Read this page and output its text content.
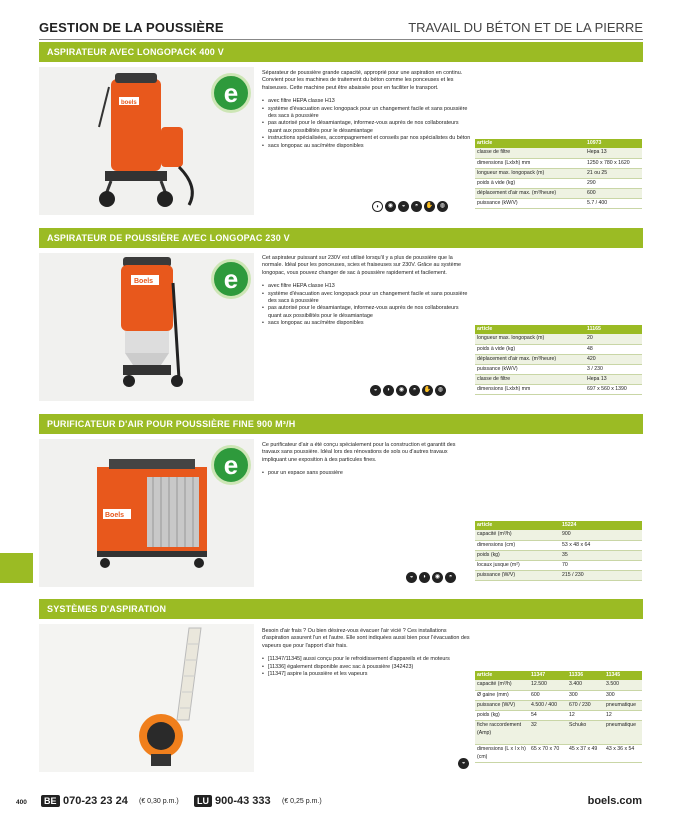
GESTION DE LA POUSSIÈRE	TRAVAIL DU BÉTON ET DE LA PIERRE
ASPIRATEUR AVEC LONGOPACK 400 V
boels	e

Séparateur de poussière grande capacité, approprié pour une aspiration en continu. Convient pour les machines de traitement du béton comme les ponceuses et les fraiseuses. Cette machine peut être abaissée pour en faciliter le transport.

• avec filtre HEPA classe H13
• système d'évacuation avec longopack pour un changement facile et sans poussière des sacs à poussière
• pas autorisé pour le désamiantage, informez-vous auprès de nos collaborateurs quant aux possibilités pour le désamiantage
• instructions spécialisées, accompagnement et conseils par nos spécialistes du béton
• sacs longopac au sac/mètre disponibles
◗ ◉ ◒ ◓ ✋ ◍
article	10973
classe de filtre	Hepa 13
dimensions (Lxlxh) mm	1250 x 780 x 1620
longueur max. longopack (m)	21 ou 25
poids à vide (kg)	290
déplacement d'air max. (m³/heure)	600
puissance (kW/V)	5.7 / 400
ASPIRATEUR DE POUSSIÈRE AVEC LONGOPAC 230 V
Boels	e

Cet aspirateur puissant sur 230V est utilisé lorsqu'il y a plus de poussière que la normale. Idéal pour les ponceuses, scies et fraiseuses sur 230V. Grâce au système longopac, vous pouvez changer de sac à poussière rapidement et facilement.

• avec filtre HEPA classe H13
• système d'évacuation avec longopack pour un changement facile et sans poussière des sacs à poussière
• pas autorisé pour le désamiantage, informez-vous auprès de nos collaborateurs quant aux possibilités pour le désamiantage
• sacs longopac au sac/mètre disponibles
◒ ◗ ◉ ◓ ✋ ◍
article	11165
longueur max. longopack (m)	20
poids à vide (kg)	48
déplacement d'air max. (m³/heure)	420
puissance (kW/V)	3 / 230
classe de filtre	Hepa 13
dimensions (Lxlxh) mm	697 x 560 x 1390
PURIFICATEUR D'AIR POUR POUSSIÈRE FINE 900 M³/H
Boels
e

Ce purificateur d'air a été conçu spécialement pour la construction et garantit des travaux sans poussière. Idéal lors des rénovations de sols ou d'autres travaux impliquant une exposition à des particules fines.

• pour un espace sans poussière
◒ ◗ ◉ ◓
article	15224
capacité (m³/h)	900
dimensions (cm)	53 x 48 x 64
poids (kg)	35
locaux jusque (m²)	70
puissance (W/V)	215 / 230
SYSTÈMES D'ASPIRATION

Besoin d'air frais ? Ou bien désirez-vous évacuer l'air vicié ? Ces installations d'aspiration assurent l'un et l'autre. Elle sont indiquées aussi bien pour l'évacuation des vapeurs que pour l'apport d'air frais.

• [11347/11345] aussi conçu pour le refroidissement d'appareils et de moteurs
• [11336] également disponible avec sac à poussière (342423)
• [11347] aspire la poussière et les vapeurs
◒
article	11347	11336	11345
capacité (m³/h)	12.500	3.400	3.500
Ø gaine (mm)	600	300	300
puissance (W/V)	4.500 / 400	670 / 230	pneumatique
poids (kg)	54	12	12
fiche raccordement (Amp)	32	Schuko	pneumatique
dimensions (L x l x h) (cm)	65 x 70 x 70	45 x 37 x 49	43 x 36 x 54
400	BE 070-23 23 24 (€ 0,30 p.m.)	LU 900-43 333 (€ 0,25 p.m.)	boels.com
